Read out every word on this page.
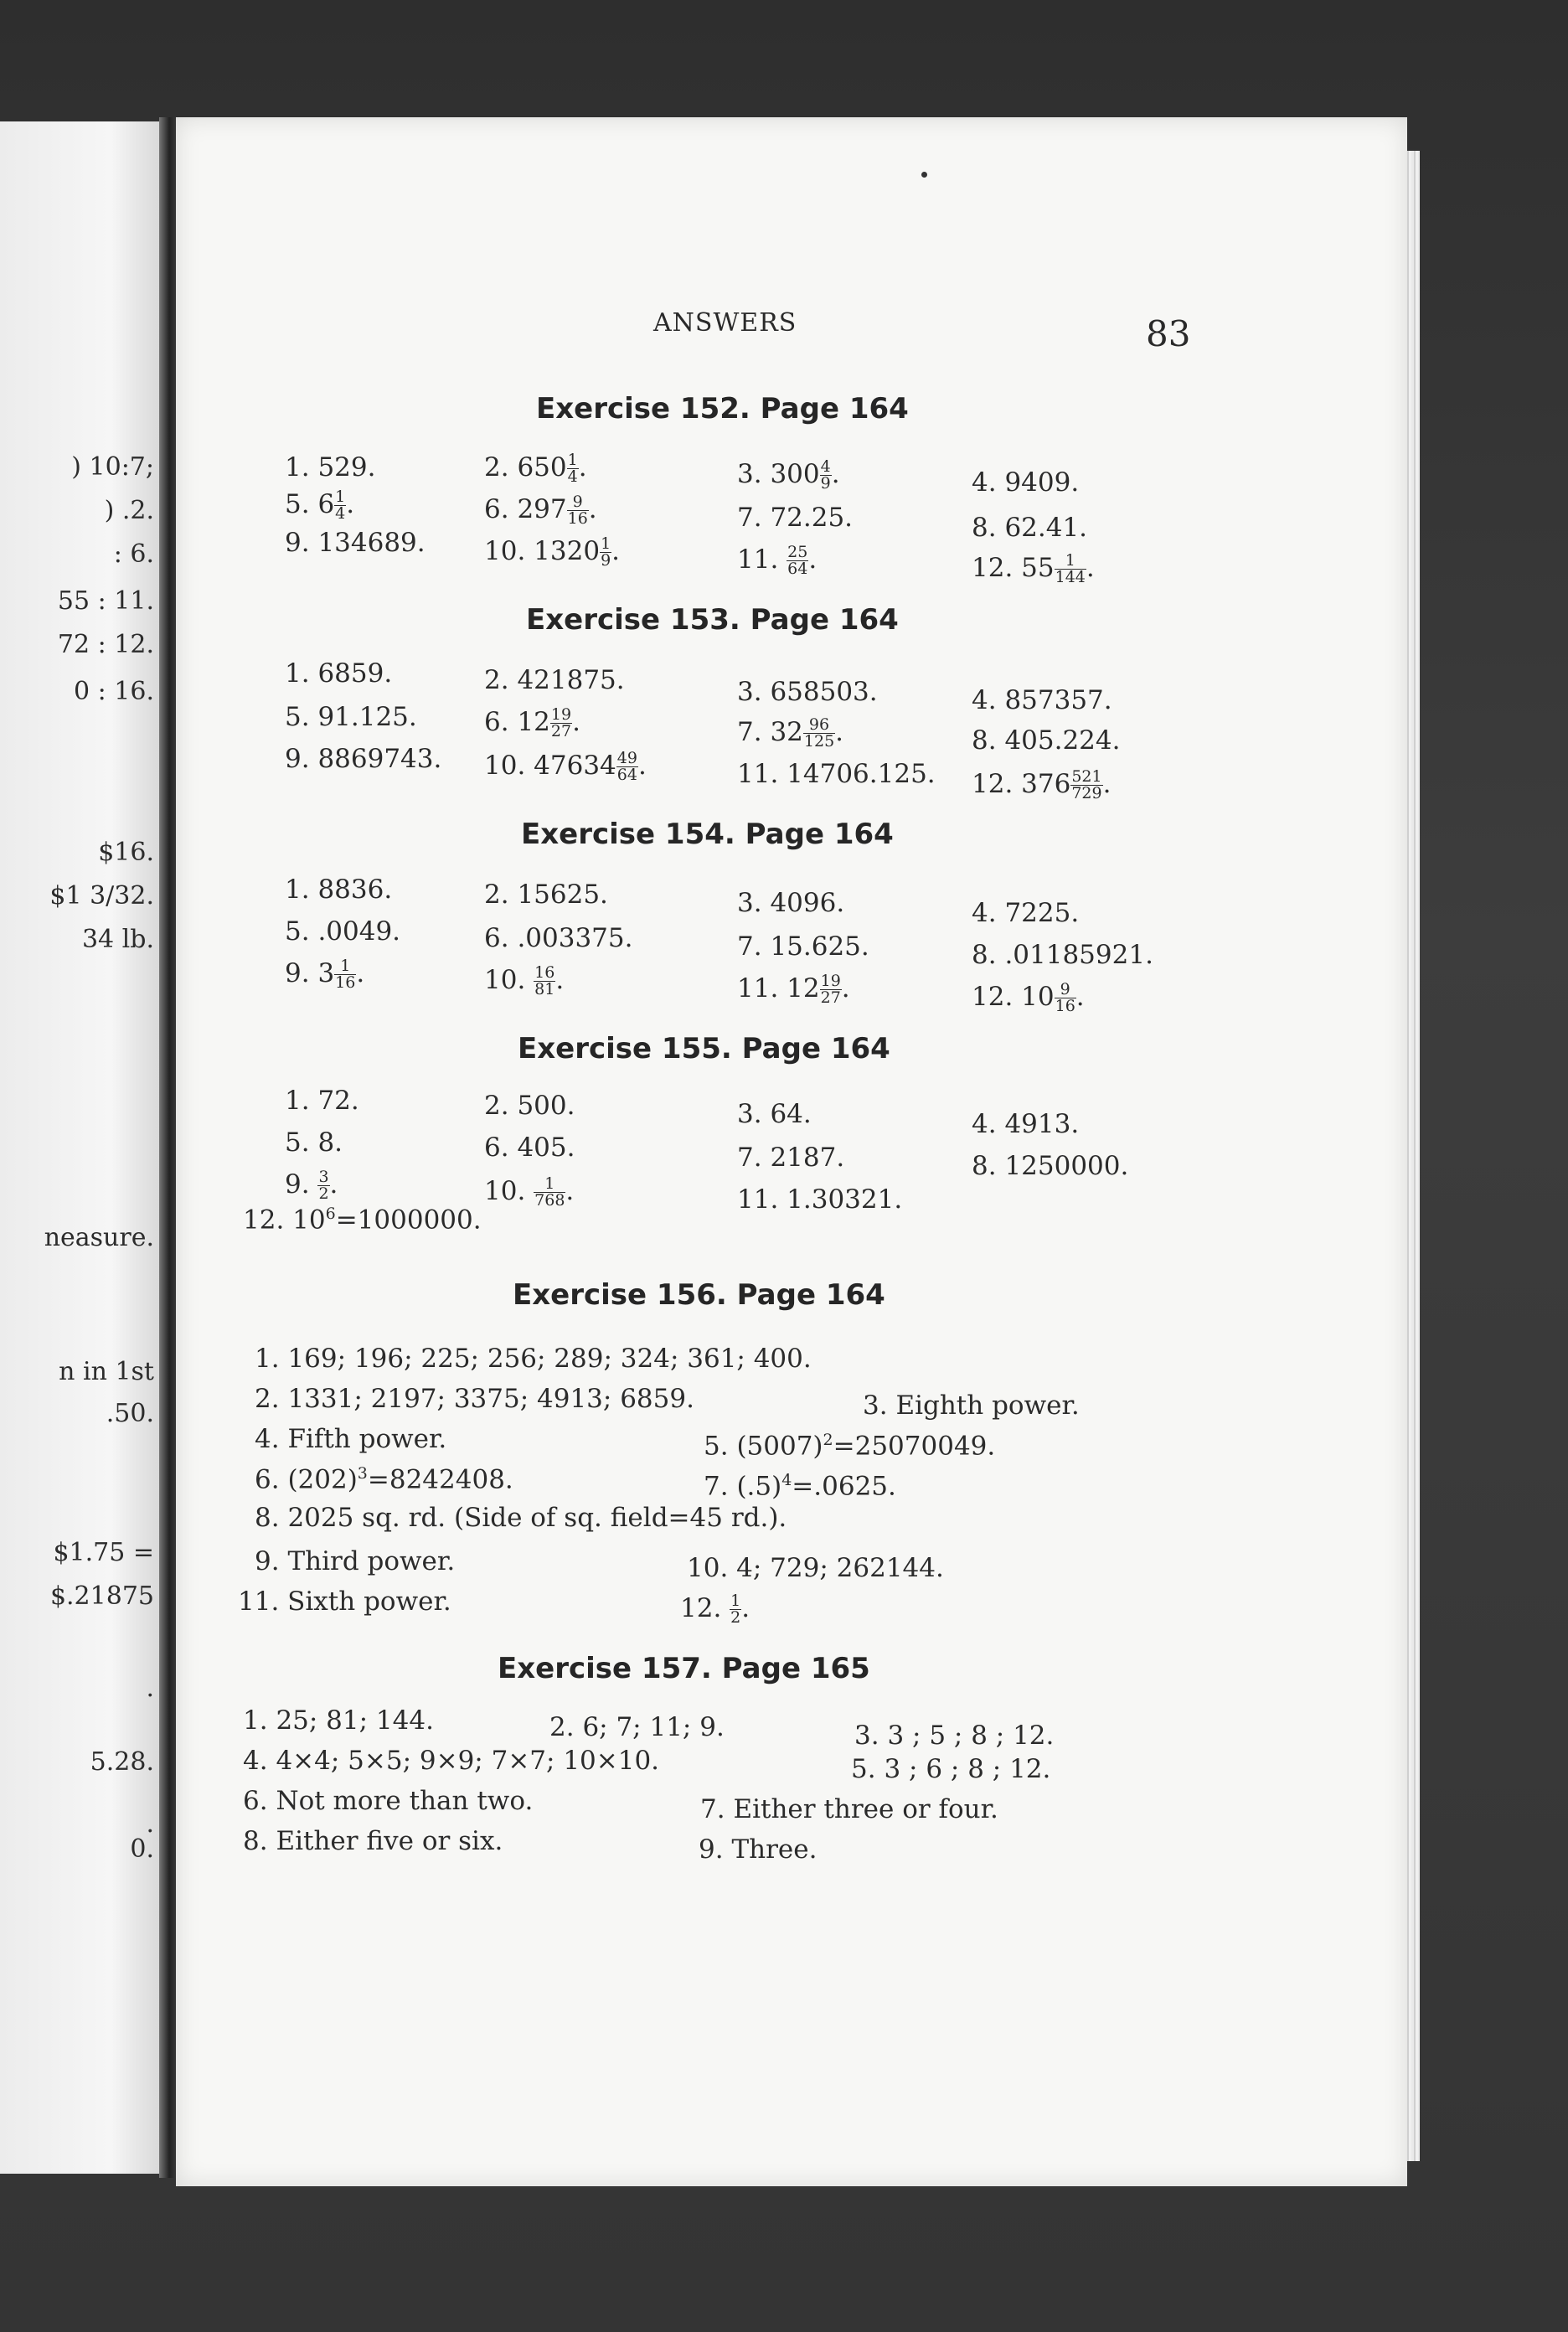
) 10:7;
) .2.
: 6.
55 : 11.
72 : 12.
0 : 16.
$16.
$1 3/32.
34 lb.
neasure.
n in 1st
.50.
$1.75 =
$.21875
.
5.28.
.
0.
ANSWERS	83
Exercise 152. Page 164
1. 529.	2. $650 \frac{1}{4}$ .	3. $300 \frac{4}{9}$ .	4. 9409.
5. $6 \frac{1}{4}$ .	6. $297 \frac{9}{16}$ .	7. 72.25.	8. 62.41.
9. 134689. 10. $1320 \frac{1}{9}$ .	11. $\frac{25}{64}$ .	12. $55 \frac{1}{144}$ .
Exercise 153. Page 164
1. 6859.	2. 421875.	3. 658503.	4. 857357.
5. 91.125.	6. $12 \frac{19}{27}$ .	7. $32 \frac{96}{125}$ .	8. 405.224.
9. 8869743. 10. $47634 \frac{49}{64}$ .	11. 14706.125. 12. $376 \frac{521}{729}$ .
Exercise 154. Page 164
1. 8836.	2. 15625.	3. 4096.	4. 7225.
5. .0049.	6. .003375.	7. 15.625.	8. .01185921.
9. $3 \frac{1}{16}$ .	10. $\frac{16}{81}$ .	11. $12 \frac{19}{27}$ .	12. $10 \frac{9}{16}$ .
Exercise 155. Page 164
1. 72.	2. 500.	3. 64.	4. 4913.
5. 8.	6. 405.	7. 2187.	8. 1250000.
9. $\frac{3}{2}$ .	10. $\frac{1}{768}$ .	11. 1.30321.
12. $10^6=1000000$.
Exercise 156. Page 164
1. 169; 196; 225; 256; 289; 324; 361; 400.
2. 1331; 2197; 3375; 4913; 6859.	3. Eighth power.
4. Fifth power.	5. $(5007)^2=25070049$.
6. $(202)^3=8242408$.	7. $(.5)^4=.0625$.
8. 2025 sq. rd. (Side of sq. field=45 rd.).
9. Third power.	10. 4; 729; 262144.
11. Sixth power.	12. $\frac{1}{2}$ .
Exercise 157. Page 165
1. 25; 81; 144.	2. 6; 7; 11; 9.	3. 3 ; 5 ; 8 ; 12.
4. 4×4; 5×5; 9×9; 7×7; 10×10.	5. 3 ; 6 ; 8 ; 12.
6. Not more than two.	7. Either three or four.
8. Either five or six.	9. Three.
